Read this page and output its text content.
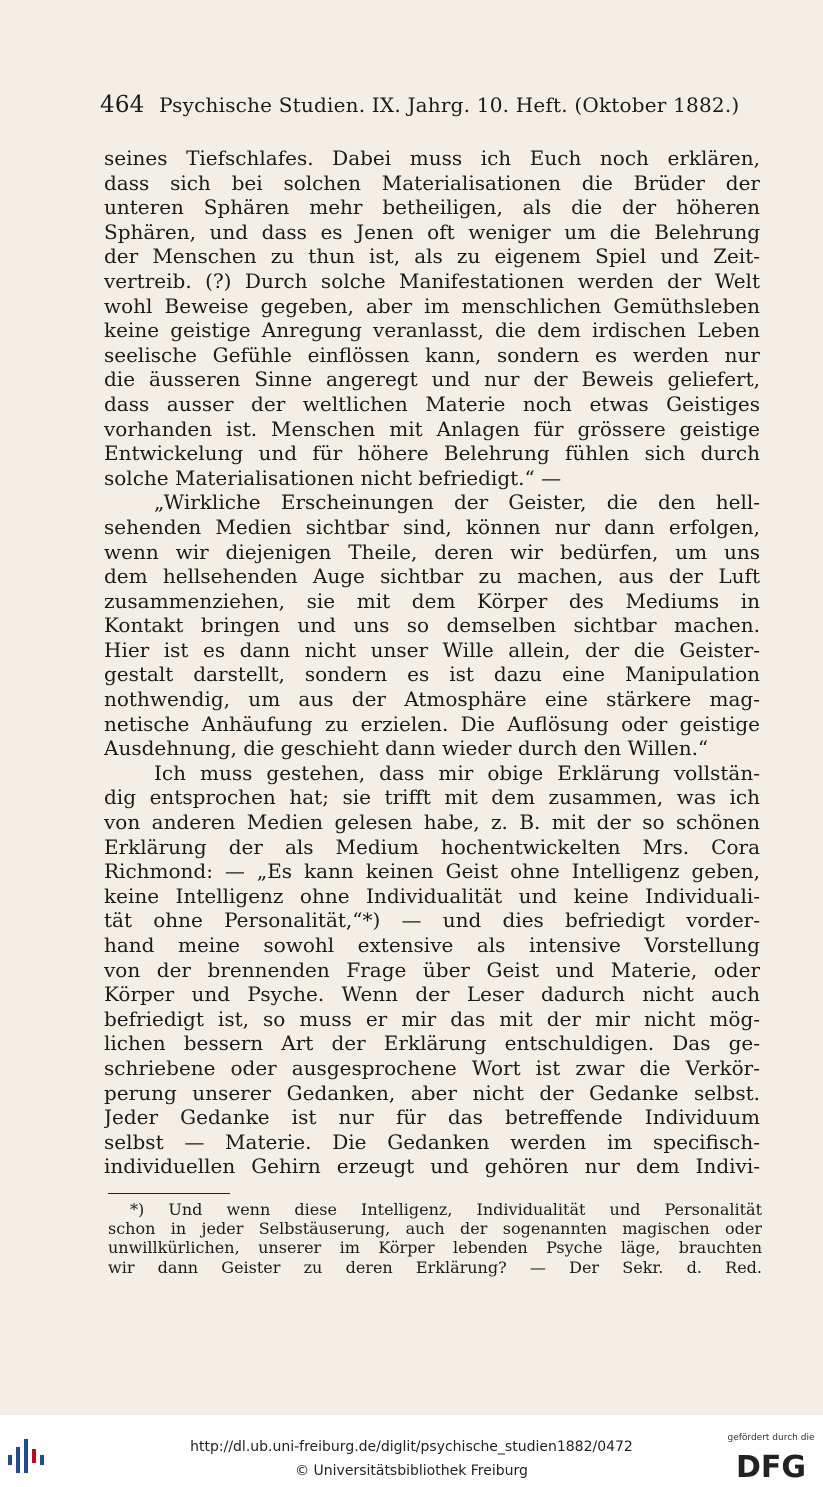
464 Psychische Studien. IX. Jahrg. 10. Heft. (Oktober 1882.)
seines Tiefschlafes. Dabei muss ich Euch noch erklären,
dass sich bei solchen Materialisationen die Brüder der
unteren Sphären mehr betheiligen, als die der höheren
Sphären, und dass es Jenen oft weniger um die Belehrung
der Menschen zu thun ist, als zu eigenem Spiel und Zeit-
vertreib. (?) Durch solche Manifestationen werden der Welt
wohl Beweise gegeben, aber im menschlichen Gemüthsleben
keine geistige Anregung veranlasst, die dem irdischen Leben
seelische Gefühle einflössen kann, sondern es werden nur
die äusseren Sinne angeregt und nur der Beweis geliefert,
dass ausser der weltlichen Materie noch etwas Geistiges
vorhanden ist. Menschen mit Anlagen für grössere geistige
Entwickelung und für höhere Belehrung fühlen sich durch
solche Materialisationen nicht befriedigt.“ —
„Wirkliche Erscheinungen der Geister, die den hell-
sehenden Medien sichtbar sind, können nur dann erfolgen,
wenn wir diejenigen Theile, deren wir bedürfen, um uns
dem hellsehenden Auge sichtbar zu machen, aus der Luft
zusammenziehen, sie mit dem Körper des Mediums in
Kontakt bringen und uns so demselben sichtbar machen.
Hier ist es dann nicht unser Wille allein, der die Geister-
gestalt darstellt, sondern es ist dazu eine Manipulation
nothwendig, um aus der Atmosphäre eine stärkere mag-
netische Anhäufung zu erzielen. Die Auflösung oder geistige
Ausdehnung, die geschieht dann wieder durch den Willen.“
Ich muss gestehen, dass mir obige Erklärung vollstän-
dig entsprochen hat; sie trifft mit dem zusammen, was ich
von anderen Medien gelesen habe, z. B. mit der so schönen
Erklärung der als Medium hochentwickelten Mrs. Cora
Richmond: — „Es kann keinen Geist ohne Intelligenz geben,
keine Intelligenz ohne Individualität und keine Individuali-
tät ohne Personalität,“*) — und dies befriedigt vorder-
hand meine sowohl extensive als intensive Vorstellung
von der brennenden Frage über Geist und Materie, oder
Körper und Psyche. Wenn der Leser dadurch nicht auch
befriedigt ist, so muss er mir das mit der mir nicht mög-
lichen bessern Art der Erklärung entschuldigen. Das ge-
schriebene oder ausgesprochene Wort ist zwar die Verkör-
perung unserer Gedanken, aber nicht der Gedanke selbst.
Jeder Gedanke ist nur für das betreffende Individuum
selbst — Materie. Die Gedanken werden im specifisch-
individuellen Gehirn erzeugt und gehören nur dem Indivi-
*) Und wenn diese Intelligenz, Individualität und Personalität
schon in jeder Selbstäuserung, auch der sogenannten magischen oder
unwillkürlichen, unserer im Körper lebenden Psyche läge, brauchten
wir dann Geister zu deren Erklärung? — Der Sekr. d. Red.
http://dl.ub.uni-freiburg.de/diglit/psychische_studien1882/0472
© Universitätsbibliothek Freiburg
gefördert durch die
DFG
